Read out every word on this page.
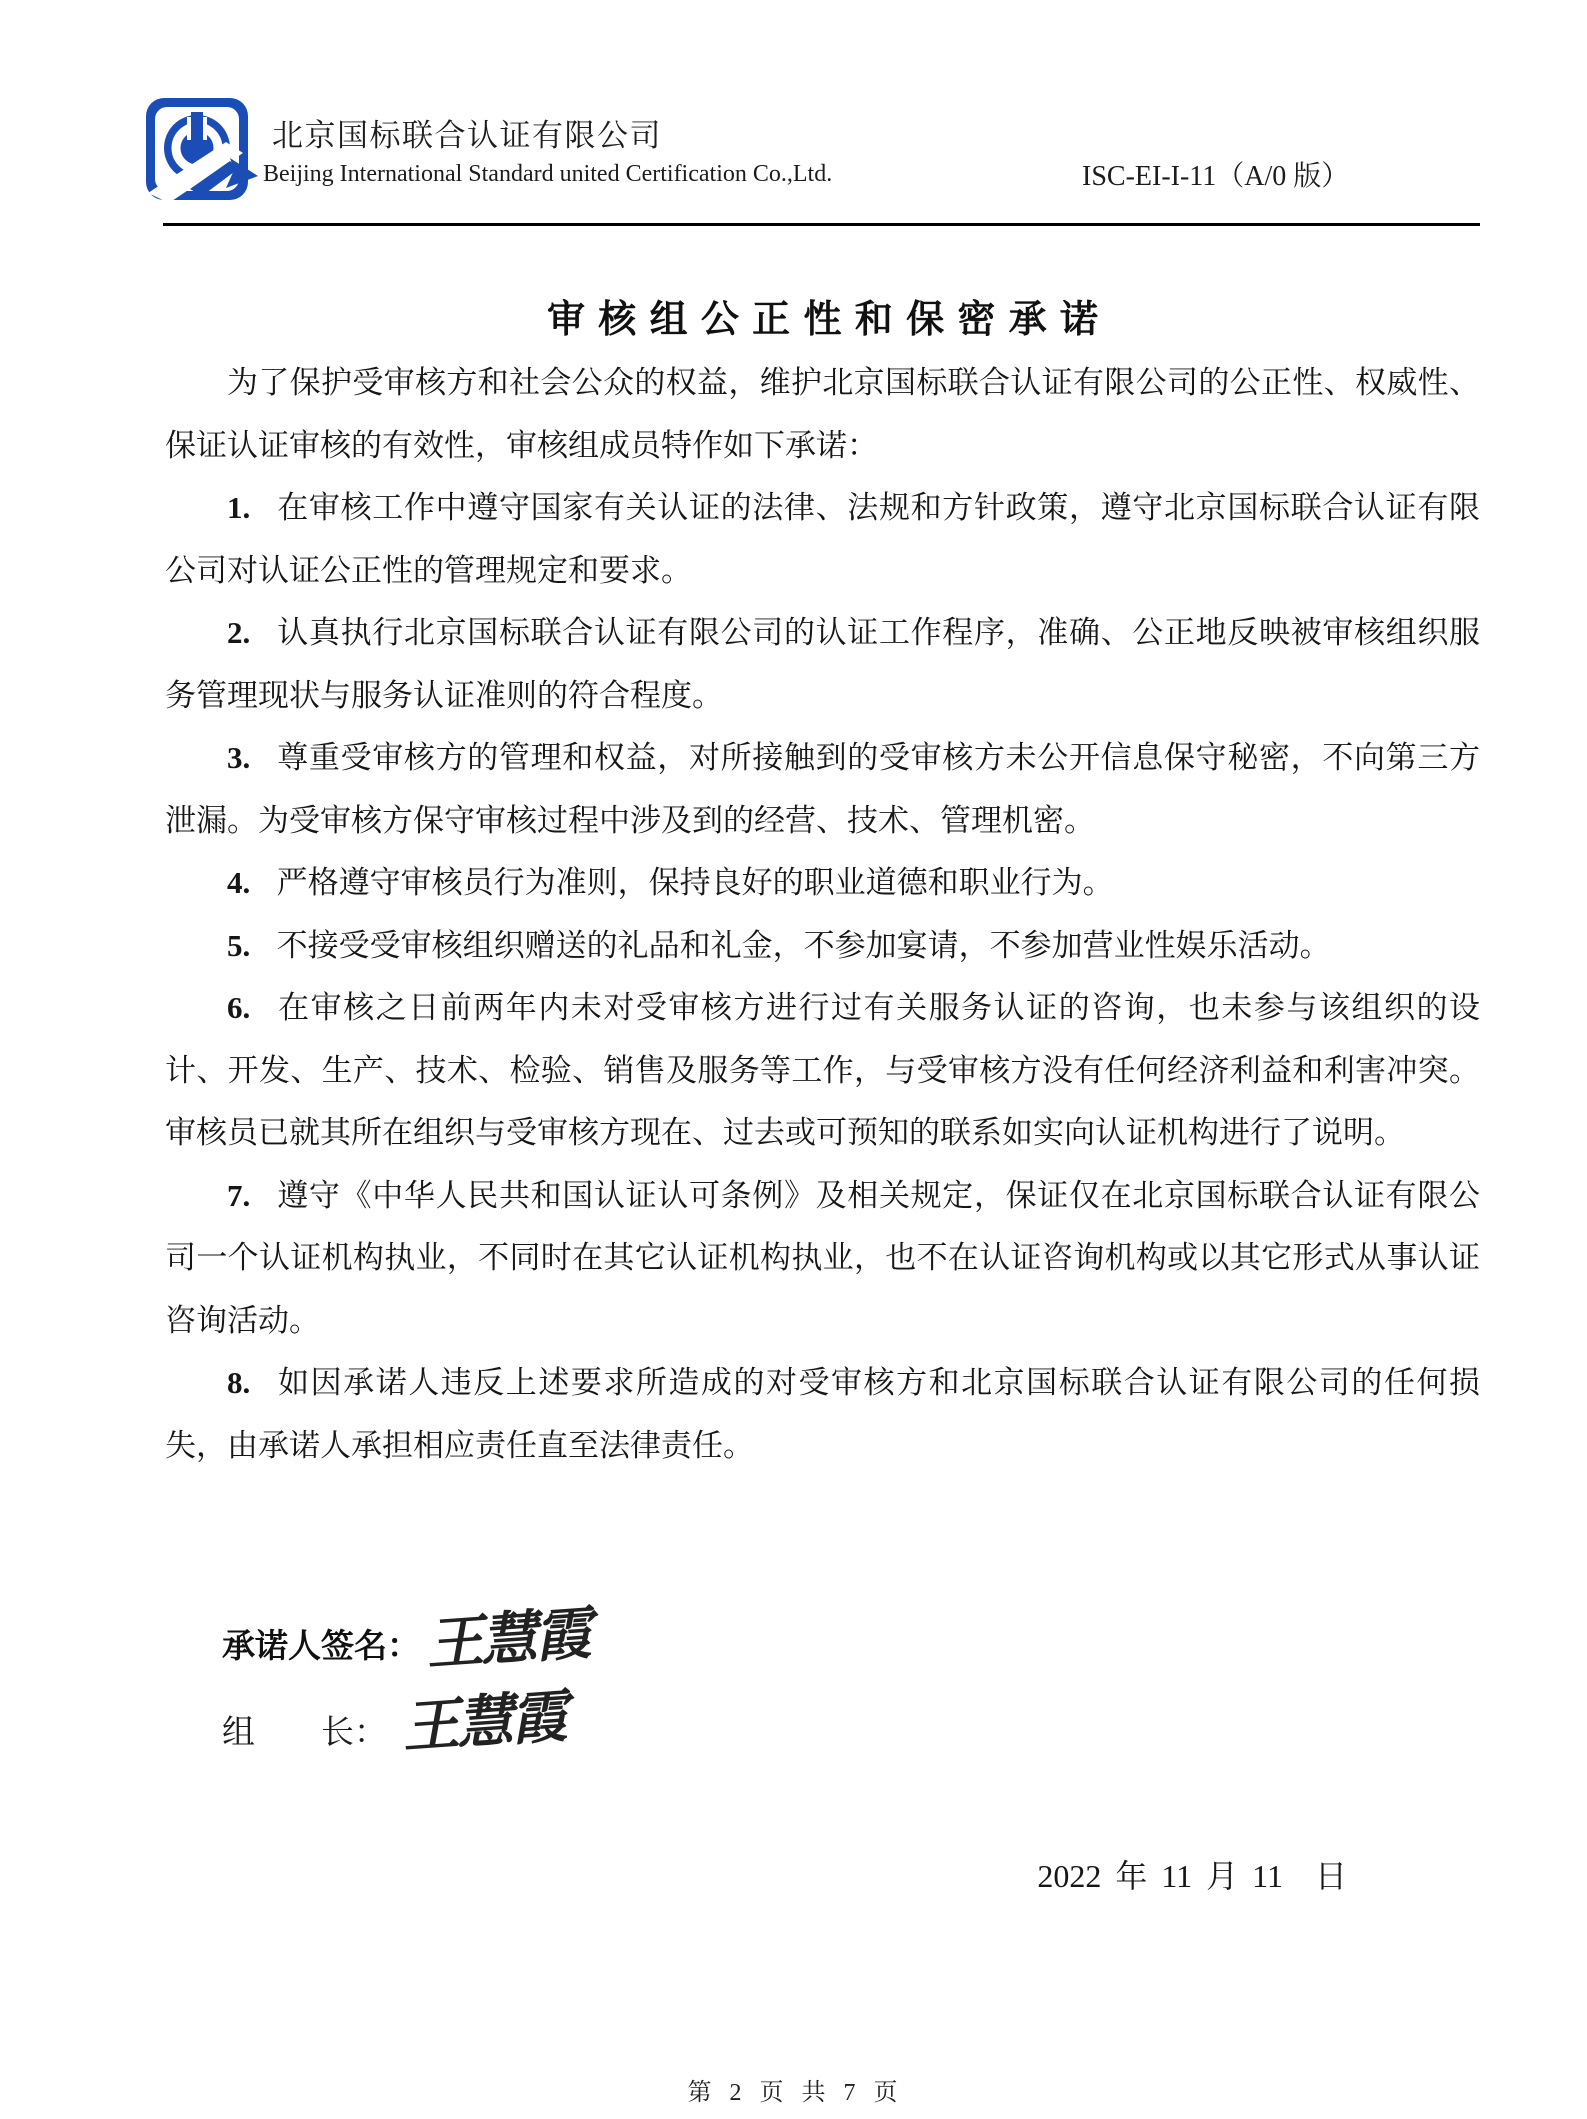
北京国标联合认证有限公司
Beijing International Standard united Certification Co.,Ltd.	ISC-EI-I-11（A/0 版）
审核组公正性和保密承诺

为了保护受审核方和社会公众的权益，维护北京国标联合认证有限公司的公正性、权威性、保证认证审核的有效性，审核组成员特作如下承诺：

1. 在审核工作中遵守国家有关认证的法律、法规和方针政策，遵守北京国标联合认证有限公司对认证公正性的管理规定和要求。

2. 认真执行北京国标联合认证有限公司的认证工作程序，准确、公正地反映被审核组织服务管理现状与服务认证准则的符合程度。

3. 尊重受审核方的管理和权益，对所接触到的受审核方未公开信息保守秘密，不向第三方泄漏。为受审核方保守审核过程中涉及到的经营、技术、管理机密。

4. 严格遵守审核员行为准则，保持良好的职业道德和职业行为。

5. 不接受受审核组织赠送的礼品和礼金，不参加宴请，不参加营业性娱乐活动。

6. 在审核之日前两年内未对受审核方进行过有关服务认证的咨询，也未参与该组织的设计、开发、生产、技术、检验、销售及服务等工作，与受审核方没有任何经济利益和利害冲突。审核员已就其所在组织与受审核方现在、过去或可预知的联系如实向认证机构进行了说明。

7. 遵守《中华人民共和国认证认可条例》及相关规定，保证仅在北京国标联合认证有限公司一个认证机构执业，不同时在其它认证机构执业，也不在认证咨询机构或以其它形式从事认证咨询活动。

8. 如因承诺人违反上述要求所造成的对受审核方和北京国标联合认证有限公司的任何损失，由承诺人承担相应责任直至法律责任。

承诺人签名： 王慧霞
组　　长： 王慧霞
2022 年 11 月 11　日
第 2 页 共 7 页
